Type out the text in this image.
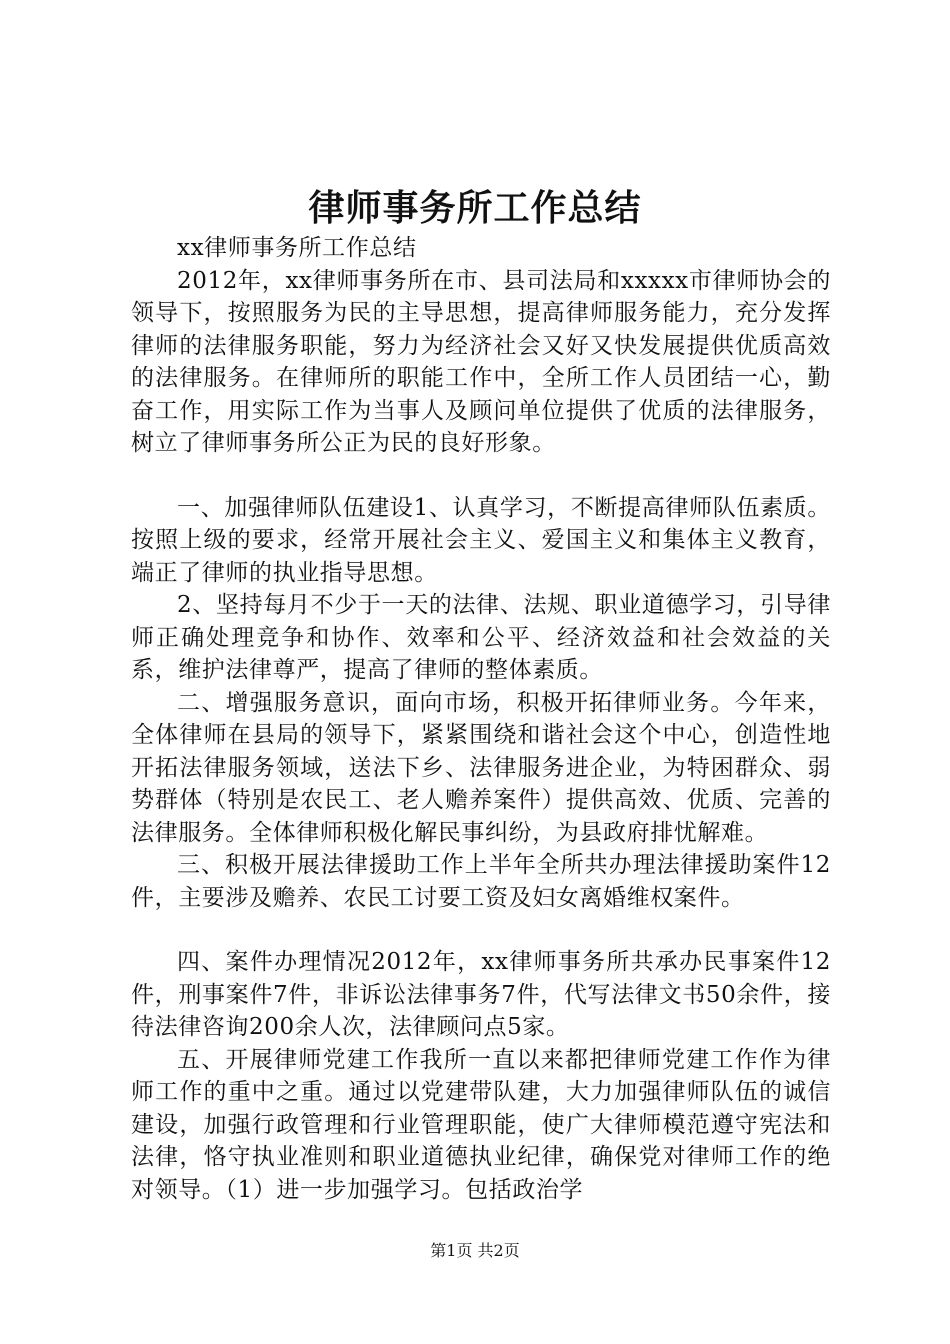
律师事务所工作总结

xx律师事务所工作总结

2012年，xx律师事务所在市、县司法局和xxxxx市律师协会的领导下，按照服务为民的主导思想，提高律师服务能力，充分发挥律师的法律服务职能，努力为经济社会又好又快发展提供优质高效的法律服务。在律师所的职能工作中，全所工作人员团结一心，勤奋工作，用实际工作为当事人及顾问单位提供了优质的法律服务，树立了律师事务所公正为民的良好形象。

一、加强律师队伍建设1、认真学习，不断提高律师队伍素质。按照上级的要求，经常开展社会主义、爱国主义和集体主义教育，端正了律师的执业指导思想。

2、坚持每月不少于一天的法律、法规、职业道德学习，引导律师正确处理竞争和协作、效率和公平、经济效益和社会效益的关系，维护法律尊严，提高了律师的整体素质。

二、增强服务意识，面向市场，积极开拓律师业务。今年来，全体律师在县局的领导下，紧紧围绕和谐社会这个中心，创造性地开拓法律服务领域，送法下乡、法律服务进企业，为特困群众、弱势群体（特别是农民工、老人赡养案件）提供高效、优质、完善的法律服务。全体律师积极化解民事纠纷，为县政府排忧解难。

三、积极开展法律援助工作上半年全所共办理法律援助案件12件，主要涉及赡养、农民工讨要工资及妇女离婚维权案件。

四、案件办理情况2012年，xx律师事务所共承办民事案件12件，刑事案件7件，非诉讼法律事务7件，代写法律文书50余件，接待法律咨询200余人次，法律顾问点5家。

五、开展律师党建工作我所一直以来都把律师党建工作作为律师工作的重中之重。通过以党建带队建，大力加强律师队伍的诚信建设，加强行政管理和行业管理职能，使广大律师模范遵守宪法和法律，恪守执业准则和职业道德执业纪律，确保党对律师工作的绝对领导。（1）进一步加强学习。包括政治学

第1页 共2页
